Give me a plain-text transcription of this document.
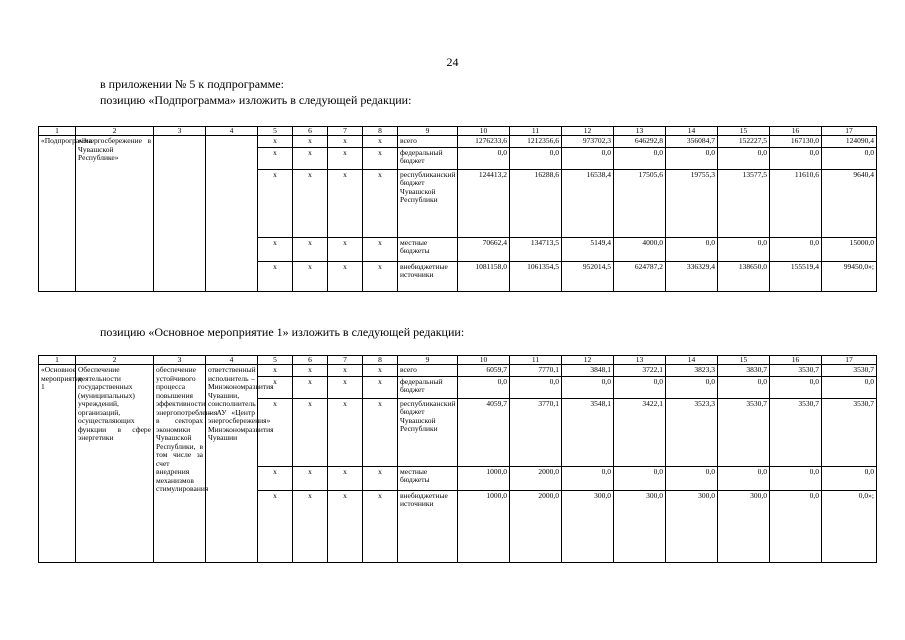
24
в приложении № 5 к подпрограмме:
позицию «Подпрограмма» изложить в следующей редакции:
1	2	3	4	5	6	7	8	9	10	11	12	13	14	15	16	17
«Подпрограмма	«Энергосбережение в Чувашской Республике»			х	х	х	х	всего	1276233,6	1212356,6	973702,3	646292,8	356084,7	152227,5	167130,0	124090,4
				х	х	х	х	федеральный бюджет	0,0	0,0	0,0	0,0	0,0	0,0	0,0	0,0
				х	х	х	х	республиканский бюджет Чувашской Республики	124413,2	16288,6	16538,4	17505,6	19755,3	13577,5	11610,6	9640,4
				х	х	х	х	местные бюджеты	70662,4	134713,5	5149,4	4000,0	0,0	0,0	0,0	15000,0
				х	х	х	х	внебюджетные источники	1081158,0	1061354,5	952014,5	624787,2	336329,4	138650,0	155519,4	99450,0»;
позицию «Основное мероприятие 1» изложить в следующей редакции:
1	2	3	4	5	6	7	8	9	10	11	12	13	14	15	16	17
«Основное мероприятие 1	Обеспечение деятельности государственных (муниципальных) учреждений, организаций, осуществляющих функции в сфере энергетики	обеспечение устойчивого процесса повышения эффективности энергопотребления в секторах экономики Чувашской Республики, в том числе за счет внедрения механизмов стимулирования	ответственный исполнитель – Минэкономразвития Чувашии, соисполнитель – АУ «Центр энергосбережения» Минэкономразвития Чувашии	х	х	х	х	всего	6059,7	7770,1	3848,1	3722,1	3823,3	3830,7	3530,7	3530,7
				х	х	х	х	федеральный бюджет	0,0	0,0	0,0	0,0	0,0	0,0	0,0	0,0
				х	х	х	х	республиканский бюджет Чувашской Республики	4059,7	3770,1	3548,1	3422,1	3523,3	3530,7	3530,7	3530,7
				х	х	х	х	местные бюджеты	1000,0	2000,0	0,0	0,0	0,0	0,0	0,0	0,0
				х	х	х	х	внебюджетные источники	1000,0	2000,0	300,0	300,0	300,0	300,0	0,0	0,0»;
